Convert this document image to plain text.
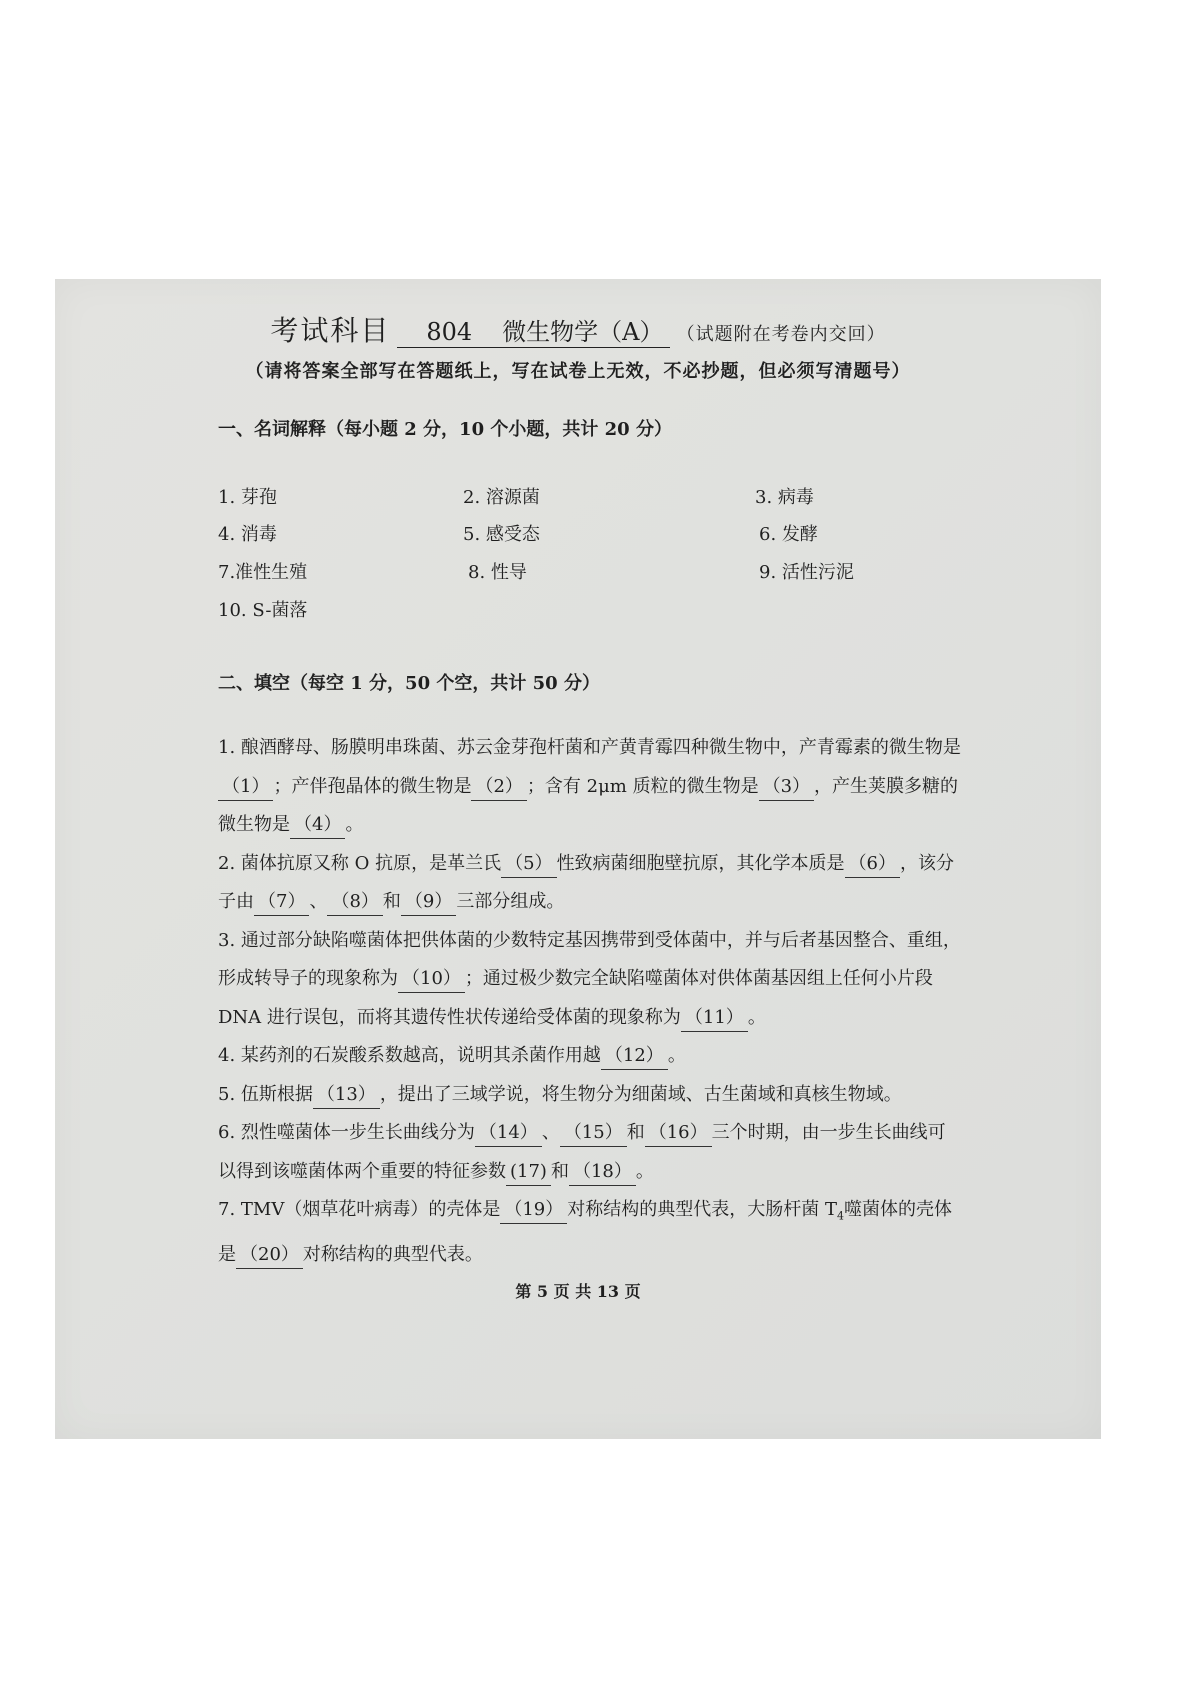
考试科目 804 微生物学（A） （试题附在考卷内交回）
（请将答案全部写在答题纸上，写在试卷上无效，不必抄题，但必须写清题号）
一、名词解释（每小题 2 分，10 个小题，共计 20 分）
1. 芽孢	2. 溶源菌	3. 病毒
4. 消毒	5. 感受态	6. 发酵
7.准性生殖	8. 性导	9. 活性污泥
10. S-菌落
二、填空（每空 1 分，50 个空，共计 50 分）

1. 酿酒酵母、肠膜明串珠菌、苏云金芽孢杆菌和产黄青霉四种微生物中，产青霉素的微生物是（1） ；产伴孢晶体的微生物是 （2） ；含有 2μm 质粒的微生物是 （3） ，产生荚膜多糖的微生物是 （4） 。

2. 菌体抗原又称 O 抗原，是革兰氏 （5） 性致病菌细胞壁抗原，其化学本质是 （6） ，该分子由 （7） 、 （8） 和 （9） 三部分组成。

3. 通过部分缺陷噬菌体把供体菌的少数特定基因携带到受体菌中，并与后者基因整合、重组，形成转导子的现象称为 （10） ；通过极少数完全缺陷噬菌体对供体菌基因组上任何小片段 DNA 进行误包，而将其遗传性状传递给受体菌的现象称为 （11） 。

4. 某药剂的石炭酸系数越高，说明其杀菌作用越 （12） 。

5. 伍斯根据 （13） ，提出了三域学说，将生物分为细菌域、古生菌域和真核生物域。

6. 烈性噬菌体一步生长曲线分为 （14） 、 （15） 和 （16） 三个时期，由一步生长曲线可以得到该噬菌体两个重要的特征参数 (17) 和 （18） 。

7. TMV（烟草花叶病毒）的壳体是 （19） 对称结构的典型代表，大肠杆菌 $T_4$噬菌体的壳体是 （20） 对称结构的典型代表。

第 5 页 共 13 页
